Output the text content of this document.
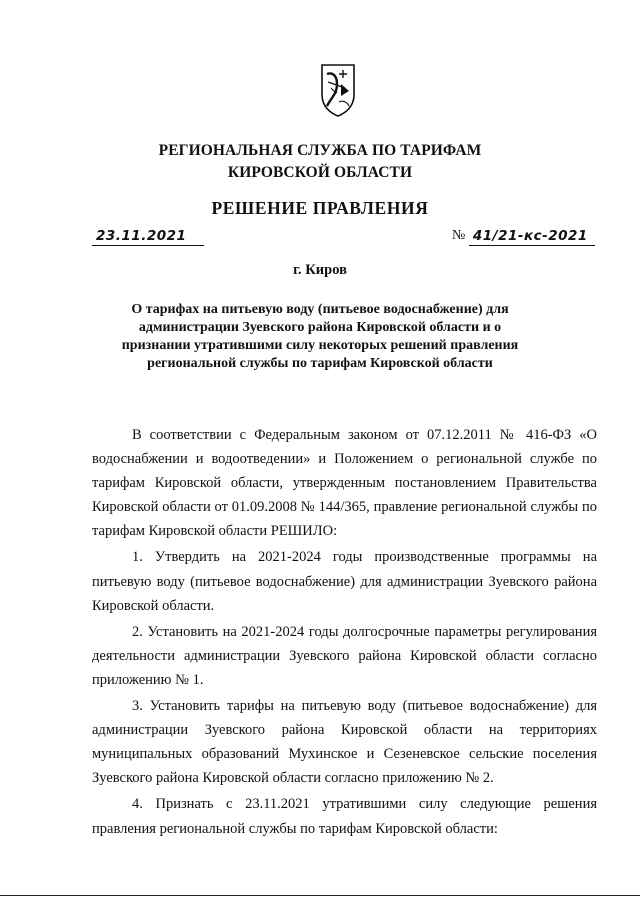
РЕГИОНАЛЬНАЯ СЛУЖБА ПО ТАРИФАМ
КИРОВСКОЙ ОБЛАСТИ
РЕШЕНИЕ ПРАВЛЕНИЯ
23.11.2021	№ 41/21-кс-2021
г. Киров
О тарифах на питьевую воду (питьевое водоснабжение) для
администрации Зуевского района Кировской области и о
признании утратившими силу некоторых решений правления
региональной службы по тарифам Кировской области

В соответствии с Федеральным законом от 07.12.2011 № 416-ФЗ «О водоснабжении и водоотведении» и Положением о региональной службе по тарифам Кировской области, утвержденным постановлением Правительства Кировской области от 01.09.2008 № 144/365, правление региональной службы по тарифам Кировской области РЕШИЛО:

1. Утвердить на 2021-2024 годы производственные программы на питьевую воду (питьевое водоснабжение) для администрации Зуевского района Кировской области.

2. Установить на 2021-2024 годы долгосрочные параметры регулирования деятельности администрации Зуевского района Кировской области согласно приложению № 1.

3. Установить тарифы на питьевую воду (питьевое водоснабжение) для администрации Зуевского района Кировской области на территориях муниципальных образований Мухинское и Сезеневское сельские поселения Зуевского района Кировской области согласно приложению № 2.

4. Признать с 23.11.2021 утратившими силу следующие решения правления региональной службы по тарифам Кировской области:
